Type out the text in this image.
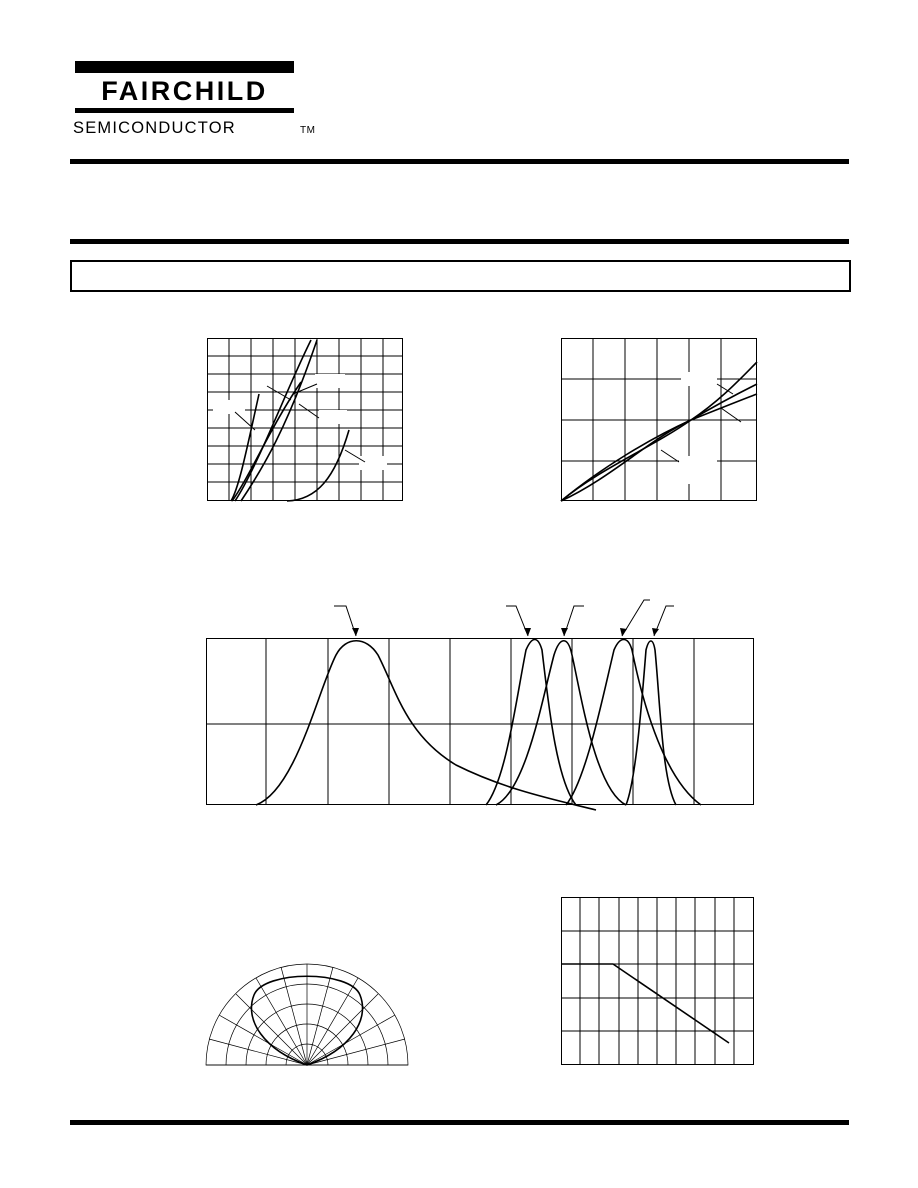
FAIRCHILD
SEMICONDUCTOR	TM
